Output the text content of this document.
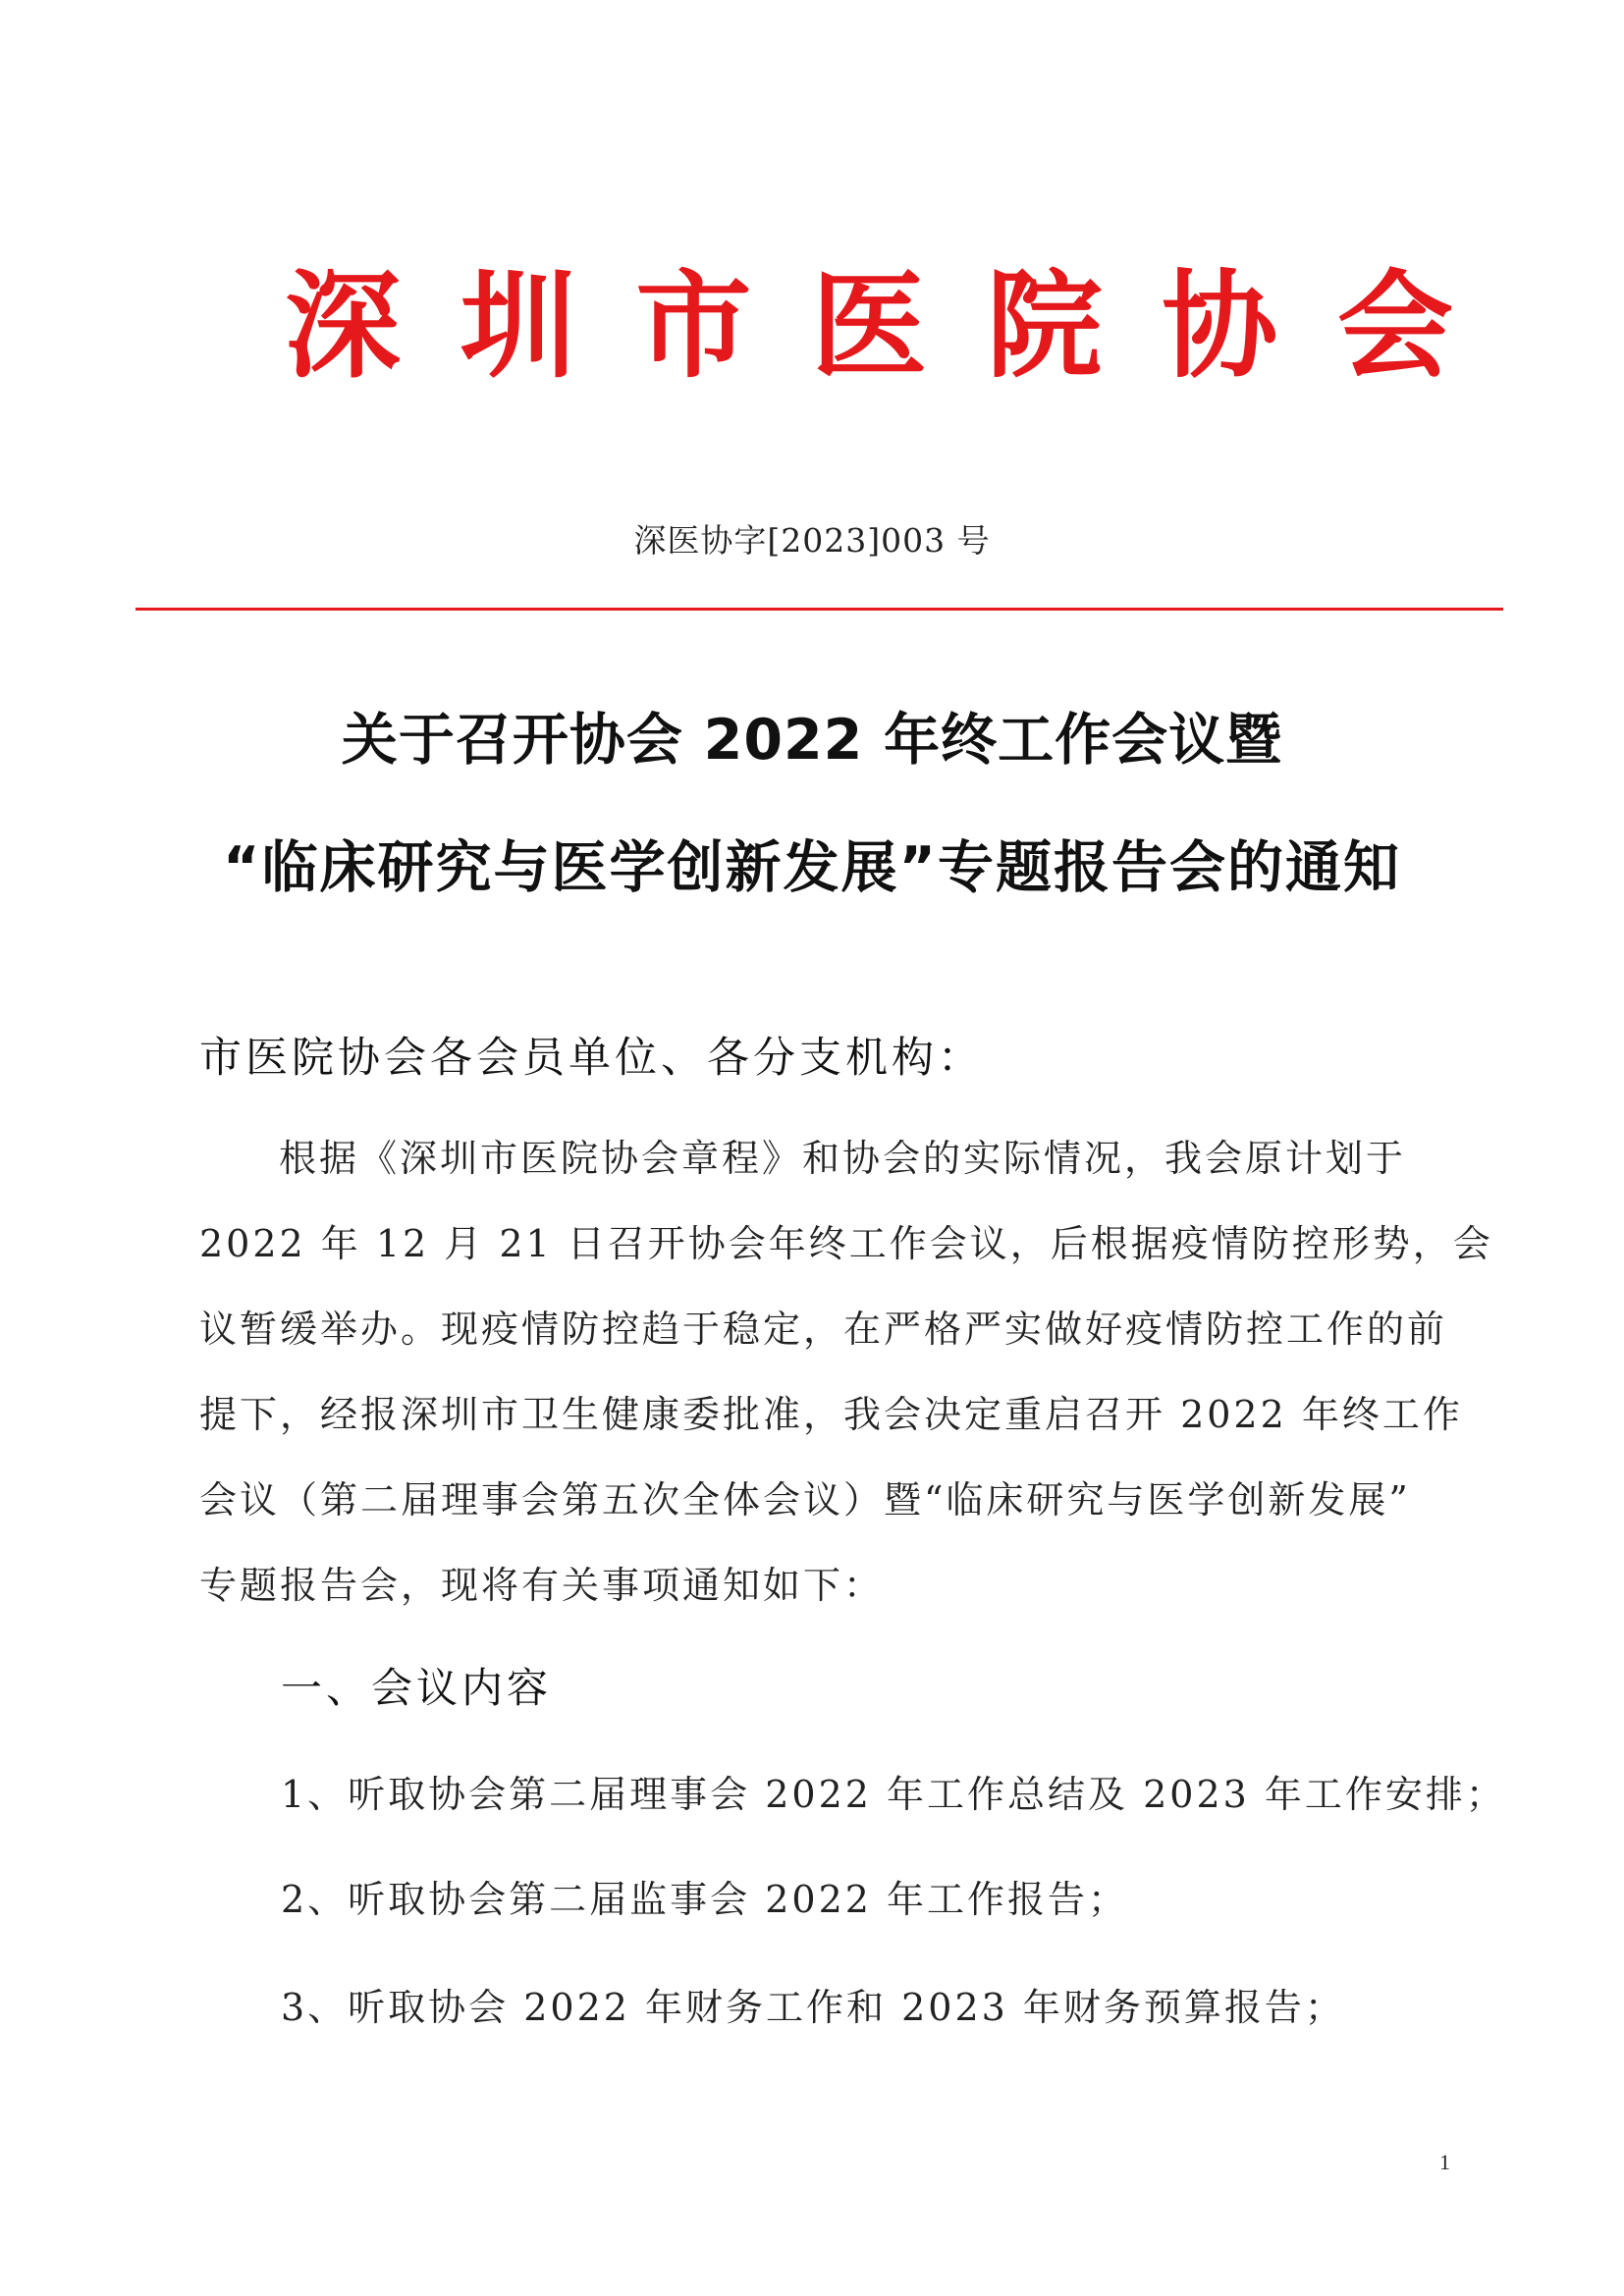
深 圳 市 医 院 协 会
深医协字[2023]003 号
关于召开协会 2022 年终工作会议暨
“临床研究与医学创新发展”专题报告会的通知
市医院协会各会员单位、各分支机构：
根据《深圳市医院协会章程》和协会的实际情况，我会原计划于
2022 年 12 月 21 日召开协会年终工作会议，后根据疫情防控形势，会
议暂缓举办。现疫情防控趋于稳定，在严格严实做好疫情防控工作的前
提下，经报深圳市卫生健康委批准，我会决定重启召开 2022 年终工作
会议（第二届理事会第五次全体会议）暨“临床研究与医学创新发展”
专题报告会，现将有关事项通知如下：
一、会议内容
1、听取协会第二届理事会 2022 年工作总结及 2023 年工作安排；
2、听取协会第二届监事会 2022 年工作报告；
3、听取协会 2022 年财务工作和 2023 年财务预算报告；
1
